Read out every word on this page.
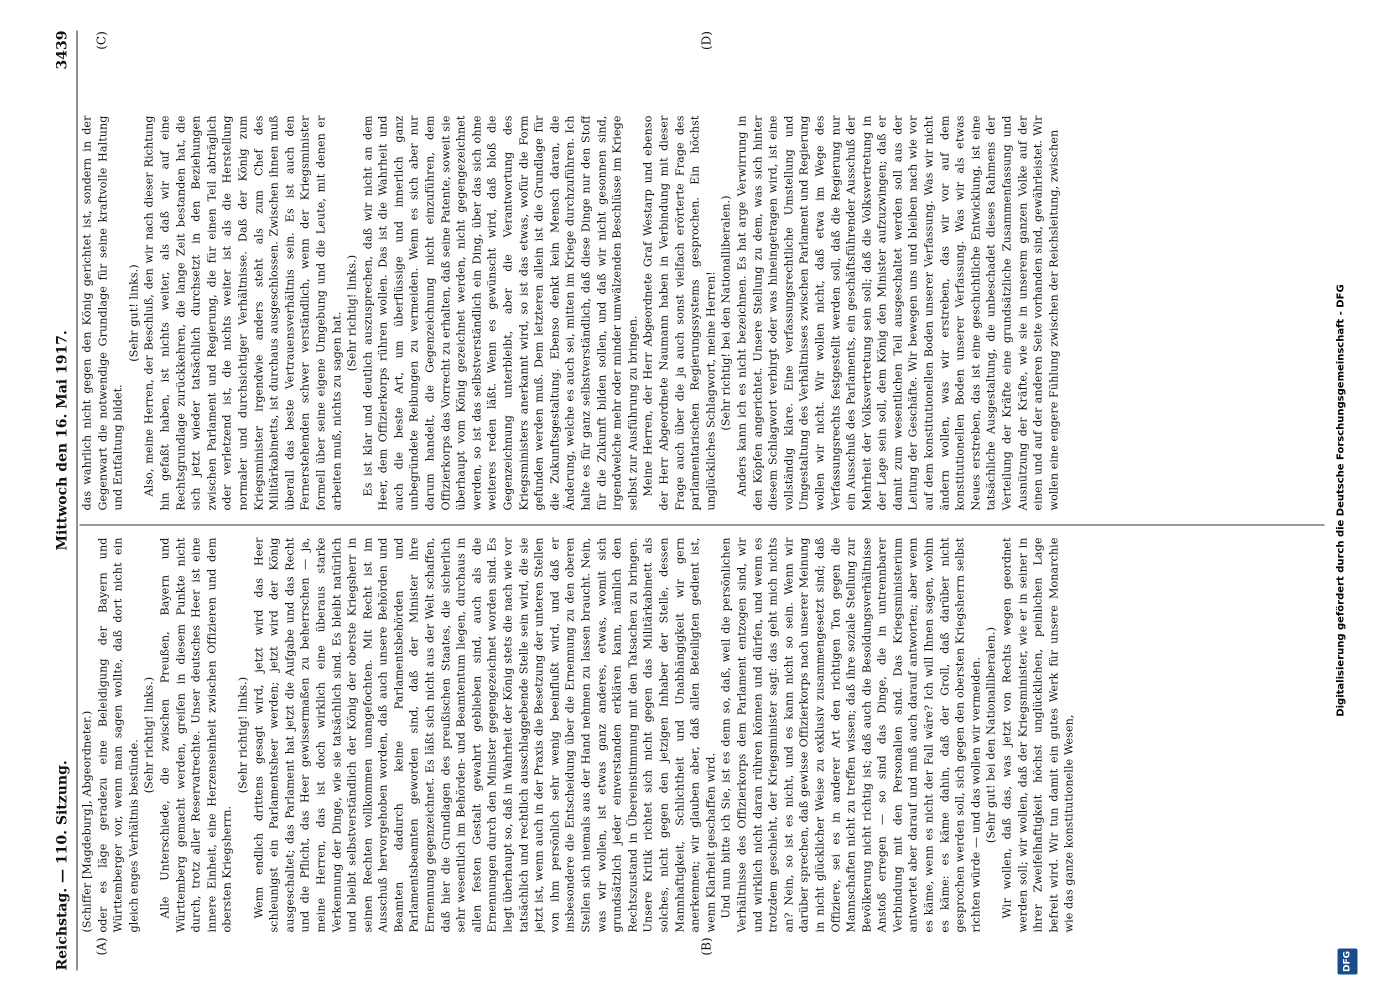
Reichstag. — 110. Sitzung.
Mittwoch den 16. Mai 1917.
3439
(A)	(B)
(C)	(D)

(Schiffer [Magdeburg], Abgeordneter.) oder es läge geradezu eine Beleidigung der Bayern und Württemberger vor, wenn man sagen wollte, daß dort nicht ein gleich enges Verhältnis bestünde.

(Sehr richtig! links.) Alle Unterschiede, die zwischen Preußen, Bayern und Württemberg gemacht werden, greifen in diesem Punkte nicht durch, trotz aller Reservatrechte. Unser deutsches Heer ist eine innere Einheit, eine Herzenseinheit zwischen Offizieren und dem obersten Kriegsherrn.

(Sehr richtig! links.) Wenn endlich drittens gesagt wird, jetzt wird das Heer schleunigst ein Parlamentsheer werden; jetzt wird der König ausgeschaltet; das Parlament hat jetzt die Aufgabe und das Recht und die Pflicht, das Heer gewissermaßen zu beherrschen — ja, meine Herren, das ist doch wirklich eine überaus starke Verkennung der Dinge, wie sie tatsächlich sind. Es bleibt natürlich und bleibt selbstverständlich der König der oberste Kriegsherr in seinen Rechten vollkommen unangefochten. Mit Recht ist im Ausschuß hervorgehoben worden, daß auch unsere Behörden und Beamten dadurch keine Parlamentsbehörden und Parlamentsbeamten geworden sind, daß der Minister ihre Ernennung gegenzeichnet. Es läßt sich nicht aus der Welt schaffen, daß hier die Grundlagen des preußischen Staates, die sicherlich sehr wesentlich im Behörden- und Beamtentum liegen, durchaus in allen festen Gestalt gewahrt geblieben sind, auch als die Ernennungen durch den Minister gegengezeichnet worden sind. Es liegt überhaupt so, daß in Wahrheit der König stets die nach wie vor tatsächlich und rechtlich ausschlaggebende Stelle sein wird, die sie jetzt ist, wenn auch in der Praxis die Besetzung der unteren Stellen von ihm persönlich sehr wenig beeinflußt wird, und daß er insbesondere die Entscheidung über die Ernennung zu den oberen Stellen sich niemals aus der Hand nehmen zu lassen braucht. Nein, was wir wollen, ist etwas ganz anderes, etwas, womit sich grundsätzlich jeder einverstanden erklären kann, nämlich den Rechtszustand in Übereinstimmung mit den Tatsachen zu bringen. Unsere Kritik richtet sich nicht gegen das Militärkabinett als solches, nicht gegen den jetzigen Inhaber der Stelle, dessen Mannhaftigkeit, Schlichtheit und Unabhängigkeit wir gern anerkennen; wir glauben aber, daß allen Beteiligten gedient ist, wenn Klarheit geschaffen wird. Und nun bitte ich Sie, ist es denn so, daß, weil die persönlichen Verhältnisse des Offizierkorps dem Parlament entzogen sind, wir und wirklich nicht daran rühren können und dürfen, und wenn es trotzdem geschieht, der Kriegsminister sagt: das geht mich nichts an? Nein, so ist es nicht, und es kann nicht so sein. Wenn wir darüber sprechen, daß gewisse Offizierkorps nach unserer Meinung in nicht glücklicher Weise zu exklusiv zusammengesetzt sind; daß Offiziere, sei es in anderer Art den richtigen Ton gegen die Mannschaften nicht zu treffen wissen; daß ihre soziale Stellung zur Bevölkerung nicht richtig ist; daß auch die Besoldungsverhältnisse Anstoß erregen — so sind das Dinge, die in untrennbarer Verbindung mit den Personalien sind. Das Kriegsministerium antwortet aber darauf und muß auch darauf antworten; aber wenn es käme, wenn es nicht der Fall wäre? Ich will Ihnen sagen, wohin es käme: es käme dahin, daß der Groll, daß darüber nicht gesprochen werden soll, sich gegen den obersten Kriegsherrn selbst richten würde — und das wollen wir vermeiden. (Sehr gut! bei den Nationalliberalen.) Wir wollen, daß das, was jetzt von Rechts wegen geordnet werden soll; wir wollen, daß der Kriegsminister, wie er in seiner in ihrer Zweifelhaftigkeit höchst unglücklichen, peinlichen Lage befreit wird. Wir tun damit ein gutes Werk für unsere Monarchie wie das ganze konstitutionelle Wesen,

das wahrlich nicht gegen den König gerichtet ist, sondern in der Gegenwart die notwendige Grundlage für seine kraftvolle Haltung und Entfaltung bildet.

(Sehr gut! links.) Also, meine Herren, der Beschluß, den wir nach dieser Richtung hin gefaßt haben, ist nichts weiter, als daß wir auf eine Rechtsgrundlage zurückkehren, die lange Zeit bestanden hat, die sich jetzt wieder tatsächlich durchsetzt in den Beziehungen zwischen Parlament und Regierung, die für einen Teil abträglich oder verletzend ist, die nichts weiter ist als die Herstellung normaler und durchsichtiger Verhältnisse. Daß der König zum Kriegsminister irgendwie anders steht als zum Chef des Militärkabinetts, ist durchaus ausgeschlossen. Zwischen ihnen muß überall das beste Vertrauensverhältnis sein. Es ist auch den Fernerstehenden schwer verständlich, wenn der Kriegsminister formell über seine eigene Umgebung und die Leute, mit denen er arbeiten muß, nichts zu sagen hat. (Sehr richtig! links.) Es ist klar und deutlich auszusprechen, daß wir nicht an dem Heer, dem Offizierkorps rühren wollen. Das ist die Wahrheit und auch die beste Art, um überflüssige und innerlich ganz unbegründete Reibungen zu vermeiden. Wenn es sich aber nur darum handelt, die Gegenzeichnung nicht einzuführen, dem Offizierkorps das Vorrecht zu erhalten, daß seine Patente, soweit sie überhaupt vom König gezeichnet werden, nicht gegengezeichnet werden, so ist das selbstverständlich ein Ding, über das sich ohne weiteres reden läßt. Wenn es gewünscht wird, daß bloß die Gegenzeichnung unterbleibt, aber die Verantwortung des Kriegsministers anerkannt wird, so ist das etwas, wofür die Form gefunden werden muß. Dem letzteren allein ist die Grundlage für die Zukunftsgestaltung. Ebenso denkt kein Mensch daran, die Änderung, welche es auch sei, mitten im Kriege durchzuführen. Ich halte es für ganz selbstverständlich, daß diese Dinge nur den Stoff für die Zukunft bilden sollen, und daß wir nicht gesonnen sind, irgendwelche mehr oder minder umwälzenden Beschlüsse im Kriege selbst zur Ausführung zu bringen. Meine Herren, der Herr Abgeordnete Graf Westarp und ebenso der Herr Abgeordnete Naumann haben in Verbindung mit dieser Frage auch über die ja auch sonst vielfach erörterte Frage des parlamentarischen Regierungssystems gesprochen. Ein höchst unglückliches Schlagwort, meine Herren! (Sehr richtig! bei den Nationalliberalen.) Anders kann ich es nicht bezeichnen. Es hat arge Verwirrung in den Köpfen angerichtet. Unsere Stellung zu dem, was sich hinter diesem Schlagwort verbirgt oder was hineingetragen wird, ist eine vollständig klare. Eine verfassungsrechtliche Umstellung und Umgestaltung des Verhältnisses zwischen Parlament und Regierung wollen wir nicht. Wir wollen nicht, daß etwa im Wege des Verfassungsrechts festgestellt werden soll, daß die Regierung nur ein Ausschuß des Parlaments, ein geschäftsführender Ausschuß der Mehrheit der Volksvertretung sein soll; daß die Volksvertretung in der Lage sein soll, dem König den Minister aufzuzwingen; daß er damit zum wesentlichen Teil ausgeschaltet werden soll aus der Leitung der Geschäfte. Wir bewegen uns und bleiben nach wie vor auf dem konstitutionellen Boden unserer Verfassung. Was wir nicht ändern wollen, was wir erstreben, das wir vor auf dem konstitutionellen Boden unserer Verfassung. Was wir als etwas Neues erstreben, das ist eine geschichtliche Entwicklung, ist eine tatsächliche Ausgestaltung, die unbeschadet dieses Rahmens der Verteilung der Kräfte eine grundsätzliche Zusammenfassung und Ausnützung der Kräfte, wie sie in unserem ganzen Volke auf der einen und auf der anderen Seite vorhanden sind, gewährleistet. Wir wollen eine engere Fühlung zwischen der Reichsleitung, zwischen

DFG
Digitalisierung gefördert durch die Deutsche Forschungsgemeinschaft - DFG
